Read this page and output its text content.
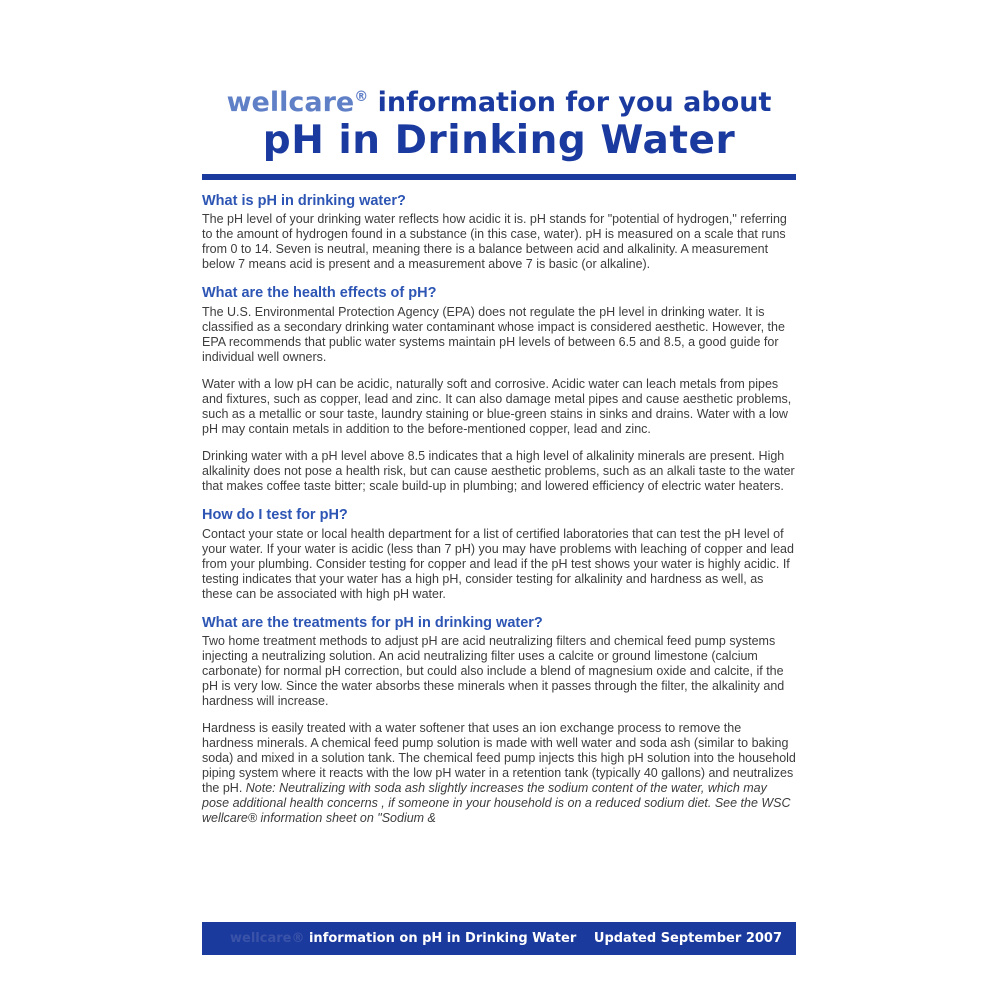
wellcare® information for you about
pH in Drinking Water
What is pH in drinking water?

The pH level of your drinking water reflects how acidic it is. pH stands for "potential of hydrogen," referring to the amount of hydrogen found in a substance (in this case, water). pH is measured on a scale that runs from 0 to 14. Seven is neutral, meaning there is a balance between acid and alkalinity. A measurement below 7 means acid is present and a measurement above 7 is basic (or alkaline).

What are the health effects of pH?

The U.S. Environmental Protection Agency (EPA) does not regulate the pH level in drinking water. It is classified as a secondary drinking water contaminant whose impact is considered aesthetic. However, the EPA recommends that public water systems maintain pH levels of between 6.5 and 8.5, a good guide for individual well owners.

Water with a low pH can be acidic, naturally soft and corrosive. Acidic water can leach metals from pipes and fixtures, such as copper, lead and zinc. It can also damage metal pipes and cause aesthetic problems, such as a metallic or sour taste, laundry staining or blue-green stains in sinks and drains. Water with a low pH may contain metals in addition to the before-mentioned copper, lead and zinc.

Drinking water with a pH level above 8.5 indicates that a high level of alkalinity minerals are present. High alkalinity does not pose a health risk, but can cause aesthetic problems, such as an alkali taste to the water that makes coffee taste bitter; scale build-up in plumbing; and lowered efficiency of electric water heaters.

How do I test for pH?

Contact your state or local health department for a list of certified laboratories that can test the pH level of your water. If your water is acidic (less than 7 pH) you may have problems with leaching of copper and lead from your plumbing. Consider testing for copper and lead if the pH test shows your water is highly acidic. If testing indicates that your water has a high pH, consider testing for alkalinity and hardness as well, as these can be associated with high pH water.

What are the treatments for pH in drinking water?

Two home treatment methods to adjust pH are acid neutralizing filters and chemical feed pump systems injecting a neutralizing solution. An acid neutralizing filter uses a calcite or ground limestone (calcium carbonate) for normal pH correction, but could also include a blend of magnesium oxide and calcite, if the pH is very low. Since the water absorbs these minerals when it passes through the filter, the alkalinity and hardness will increase.

Hardness is easily treated with a water softener that uses an ion exchange process to remove the hardness minerals. A chemical feed pump solution is made with well water and soda ash (similar to baking soda) and mixed in a solution tank. The chemical feed pump injects this high pH solution into the household piping system where it reacts with the low pH water in a retention tank (typically 40 gallons) and neutralizes the pH. Note: Neutralizing with soda ash slightly increases the sodium content of the water, which may pose additional health concerns , if someone in your household is on a reduced sodium diet. See the WSC wellcare® information sheet on "Sodium &

wellcare® information on pH in Drinking Water Updated September 2007
